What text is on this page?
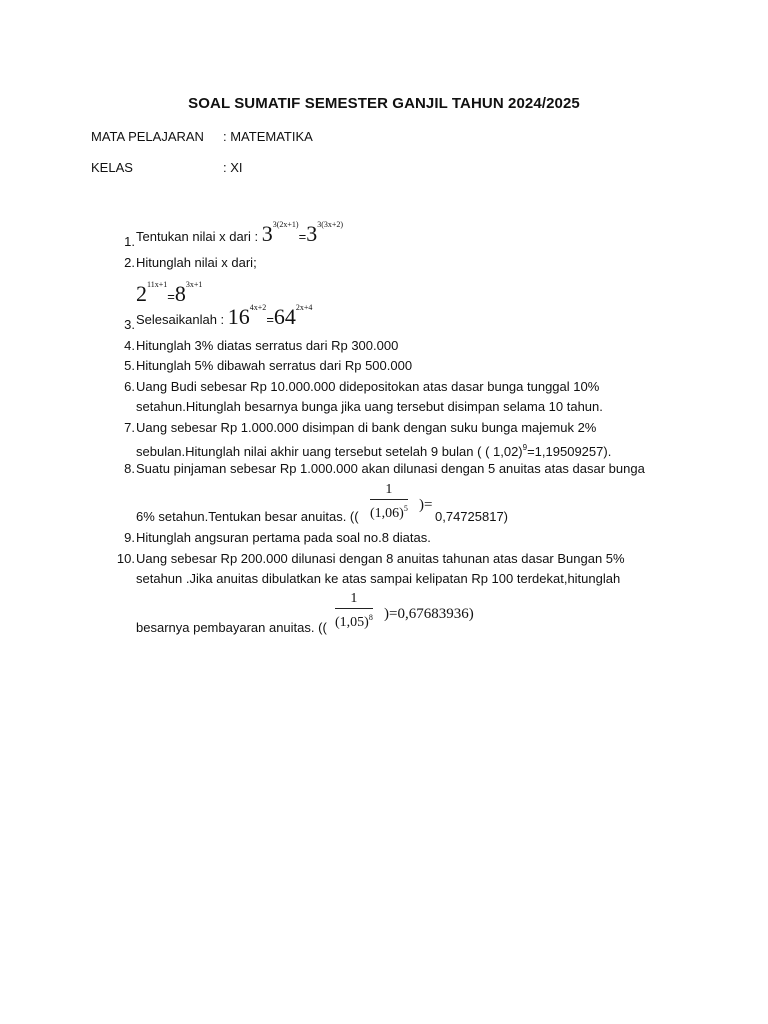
SOAL SUMATIF SEMESTER GANJIL TAHUN 2024/2025
MATA PELAJARAN : MATEMATIKA
KELAS	: XI
1. Tentukan nilai x dari : $3^{3(2x+1)}=3^{3(3x+2)}$
2. Hitunglah nilai x dari;
$2^{11x+1}=8^{3x+1}$
3. Selesaikanlah : $16^{4x+2}=64^{2x+4}$
4. Hitunglah 3% diatas serratus dari Rp 300.000
5. Hitunglah 5% dibawah serratus dari Rp 500.000
6. Uang Budi sebesar Rp 10.000.000 didepositokan atas dasar bunga tunggal 10%
setahun.Hitunglah besarnya bunga jika uang tersebut disimpan selama 10 tahun.
7. Uang sebesar Rp 1.000.000 disimpan di bank dengan suku bunga majemuk 2%
sebulan.Hitunglah nilai akhir uang tersebut setelah 9 bulan ( ( 1,02)$^9$=1,19509257).
8. Suatu pinjaman sebesar Rp 1.000.000 akan dilunasi dengan 5 anuitas atas dasar bunga
6% setahun.Tentukan besar anuitas. (( $\frac{1}{(1,06)^5}$ )=
0,74725817)
9. Hitunglah angsuran pertama pada soal no.8 diatas.
10. Uang sebesar Rp 200.000 dilunasi dengan 8 anuitas tahunan atas dasar Bungan 5%
setahun .Jika anuitas dibulatkan ke atas sampai kelipatan Rp 100 terdekat,hitunglah
besarnya pembayaran anuitas. (( $\frac{1}{(1,05)^8} )=0,67683936$)
